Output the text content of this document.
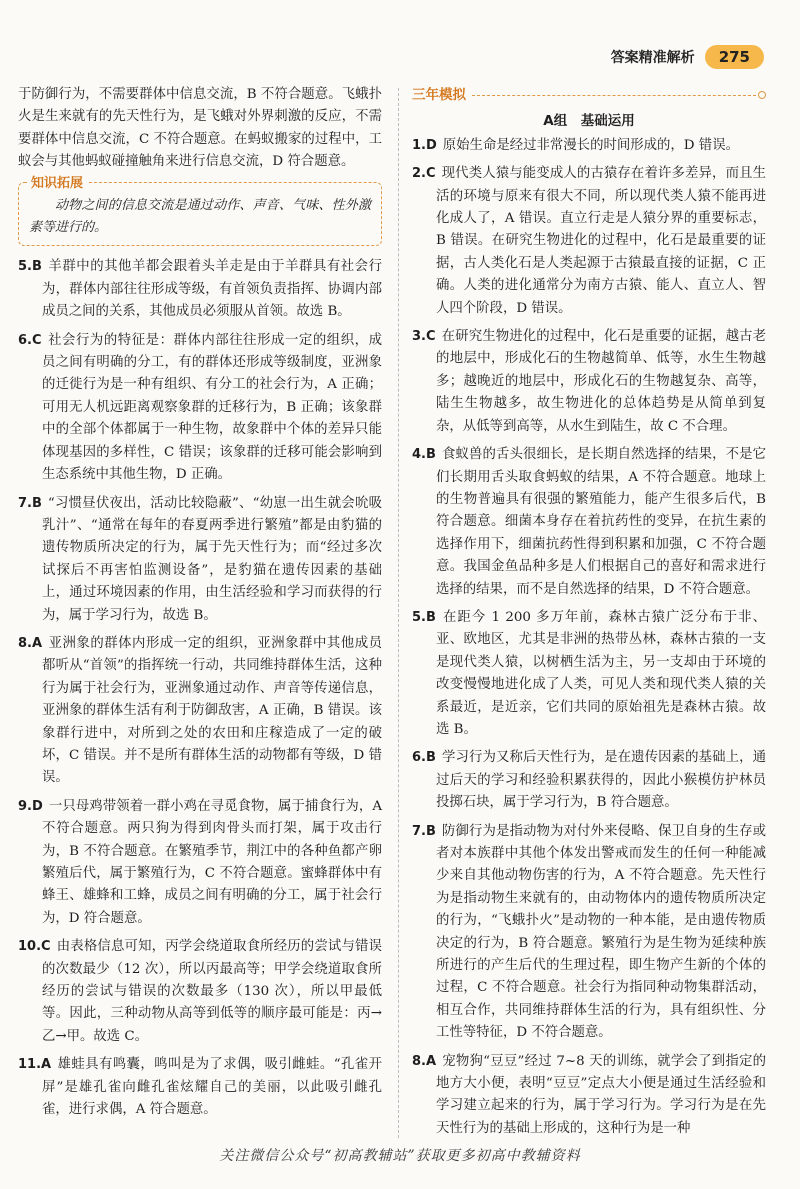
答案精准解析	275

于防御行为，不需要群体中信息交流，B 不符合题意。飞蛾扑火是生来就有的先天性行为，是飞蛾对外界刺激的反应，不需要群体中信息交流，C 不符合题意。在蚂蚁搬家的过程中，工蚁会与其他蚂蚁碰撞触角来进行信息交流，D 符合题意。

知识拓展
动物之间的信息交流是通过动作、声音、气味、性外激素等进行的。

5.B 羊群中的其他羊都会跟着头羊走是由于羊群具有社会行为，群体内部往往形成等级，有首领负责指挥、协调内部成员之间的关系，其他成员必须服从首领。故选 B。

6.C 社会行为的特征是：群体内部往往形成一定的组织，成员之间有明确的分工，有的群体还形成等级制度，亚洲象的迁徙行为是一种有组织、有分工的社会行为，A 正确；可用无人机远距离观察象群的迁移行为，B 正确；该象群中的全部个体都属于一种生物，故象群中个体的差异只能体现基因的多样性，C 错误；该象群的迁移可能会影响到生态系统中其他生物，D 正确。

7.B “习惯昼伏夜出，活动比较隐蔽”、“幼崽一出生就会吮吸乳汁”、“通常在每年的春夏两季进行繁殖”都是由豹猫的遗传物质所决定的行为，属于先天性行为；而“经过多次试探后不再害怕监测设备”，是豹猫在遗传因素的基础上，通过环境因素的作用，由生活经验和学习而获得的行为，属于学习行为，故选 B。

8.A 亚洲象的群体内形成一定的组织，亚洲象群中其他成员都听从“首领”的指挥统一行动，共同维持群体生活，这种行为属于社会行为，亚洲象通过动作、声音等传递信息，亚洲象的群体生活有利于防御敌害，A 正确，B 错误。该象群行进中，对所到之处的农田和庄稼造成了一定的破坏，C 错误。并不是所有群体生活的动物都有等级，D 错误。

9.D 一只母鸡带领着一群小鸡在寻觅食物，属于捕食行为，A 不符合题意。两只狗为得到肉骨头而打架，属于攻击行为，B 不符合题意。在繁殖季节，荆江中的各种鱼都产卵繁殖后代，属于繁殖行为，C 不符合题意。蜜蜂群体中有蜂王、雄蜂和工蜂，成员之间有明确的分工，属于社会行为，D 符合题意。

10.C 由表格信息可知，丙学会绕道取食所经历的尝试与错误的次数最少（12 次），所以丙最高等；甲学会绕道取食所经历的尝试与错误的次数最多（130 次），所以甲最低等。因此，三种动物从高等到低等的顺序最可能是：丙→乙→甲。故选 C。

11.A 雄蛙具有鸣囊，鸣叫是为了求偶，吸引雌蛙。“孔雀开屏”是雄孔雀向雌孔雀炫耀自己的美丽，以此吸引雌孔雀，进行求偶，A 符合题意。

三年模拟
A组　基础运用

1.D 原始生命是经过非常漫长的时间形成的，D 错误。

2.C 现代类人猿与能变成人的古猿存在着许多差异，而且生活的环境与原来有很大不同，所以现代类人猿不能再进化成人了，A 错误。直立行走是人猿分界的重要标志，B 错误。在研究生物进化的过程中，化石是最重要的证据，古人类化石是人类起源于古猿最直接的证据，C 正确。人类的进化通常分为南方古猿、能人、直立人、智人四个阶段，D 错误。

3.C 在研究生物进化的过程中，化石是重要的证据，越古老的地层中，形成化石的生物越简单、低等，水生生物越多；越晚近的地层中，形成化石的生物越复杂、高等，陆生生物越多，故生物进化的总体趋势是从简单到复杂，从低等到高等，从水生到陆生，故 C 不合理。

4.B 食蚁兽的舌头很细长，是长期自然选择的结果，不是它们长期用舌头取食蚂蚁的结果，A 不符合题意。地球上的生物普遍具有很强的繁殖能力，能产生很多后代，B 符合题意。细菌本身存在着抗药性的变异，在抗生素的选择作用下，细菌抗药性得到积累和加强，C 不符合题意。我国金鱼品种多是人们根据自己的喜好和需求进行选择的结果，而不是自然选择的结果，D 不符合题意。

5.B 在距今 1 200 多万年前，森林古猿广泛分布于非、亚、欧地区，尤其是非洲的热带丛林，森林古猿的一支是现代类人猿，以树栖生活为主，另一支却由于环境的改变慢慢地进化成了人类，可见人类和现代类人猿的关系最近，是近亲，它们共同的原始祖先是森林古猿。故选 B。

6.B 学习行为又称后天性行为，是在遗传因素的基础上，通过后天的学习和经验积累获得的，因此小猴模仿护林员投掷石块，属于学习行为，B 符合题意。

7.B 防御行为是指动物为对付外来侵略、保卫自身的生存或者对本族群中其他个体发出警戒而发生的任何一种能减少来自其他动物伤害的行为，A 不符合题意。先天性行为是指动物生来就有的，由动物体内的遗传物质所决定的行为，“飞蛾扑火”是动物的一种本能，是由遗传物质决定的行为，B 符合题意。繁殖行为是生物为延续种族所进行的产生后代的生理过程，即生物产生新的个体的过程，C 不符合题意。社会行为指同种动物集群活动，相互合作，共同维持群体生活的行为，具有组织性、分工性等特征，D 不符合题意。

8.A 宠物狗“豆豆”经过 7~8 天的训练，就学会了到指定的地方大小便，表明“豆豆”定点大小便是通过生活经验和学习建立起来的行为，属于学习行为。学习行为是在先天性行为的基础上形成的，这种行为是一种

关注微信公众号“初高教辅站”获取更多初高中教辅资料
